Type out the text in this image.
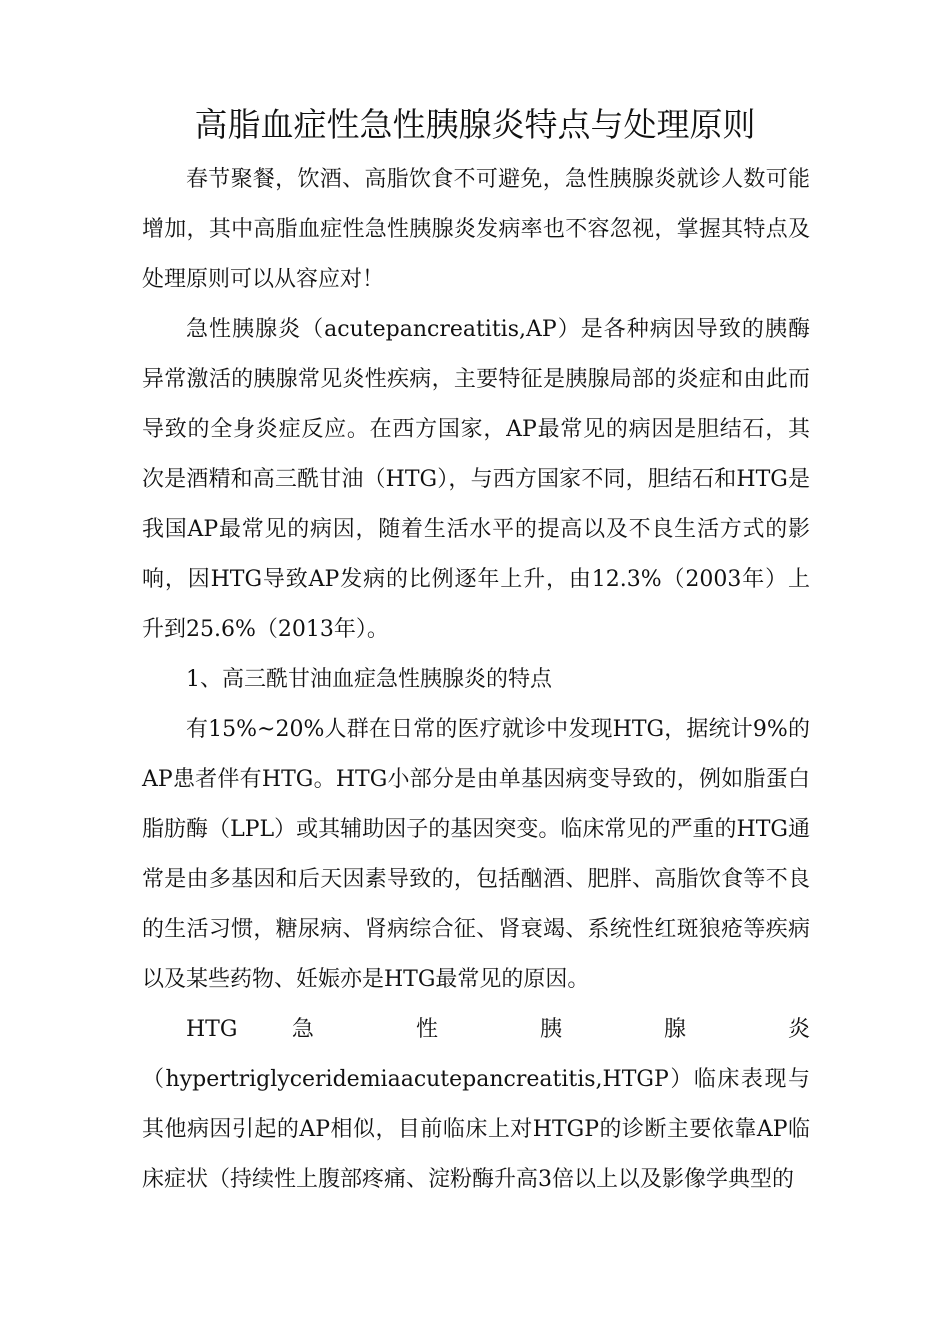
高脂血症性急性胰腺炎特点与处理原则

春节聚餐，饮酒、高脂饮食不可避免，急性胰腺炎就诊人数可能增加，其中高脂血症性急性胰腺炎发病率也不容忽视，掌握其特点及处理原则可以从容应对！

急性胰腺炎（acutepancreatitis,AP）是各种病因导致的胰酶异常激活的胰腺常见炎性疾病，主要特征是胰腺局部的炎症和由此而导致的全身炎症反应。在西方国家，AP最常见的病因是胆结石，其次是酒精和高三酰甘油（HTG），与西方国家不同，胆结石和HTG是我国AP最常见的病因，随着生活水平的提高以及不良生活方式的影响，因HTG导致AP发病的比例逐年上升，由12.3%（2003年）上升到25.6%（2013年）。

1、高三酰甘油血症急性胰腺炎的特点

有15%~20%人群在日常的医疗就诊中发现HTG，据统计9%的AP患者伴有HTG。HTG小部分是由单基因病变导致的，例如脂蛋白脂肪酶（LPL）或其辅助因子的基因突变。临床常见的严重的HTG通常是由多基因和后天因素导致的，包括酗酒、肥胖、高脂饮食等不良的生活习惯，糖尿病、肾病综合征、肾衰竭、系统性红斑狼疮等疾病以及某些药物、妊娠亦是HTG最常见的原因。

HTG 急 性 胰 腺 炎

（hypertriglyceridemiaacutepancreatitis,HTGP）临床表现与其他病因引起的AP相似，目前临床上对HTGP的诊断主要依靠AP临床症状（持续性上腹部疼痛、淀粉酶升高3倍以上以及影像学典型的
